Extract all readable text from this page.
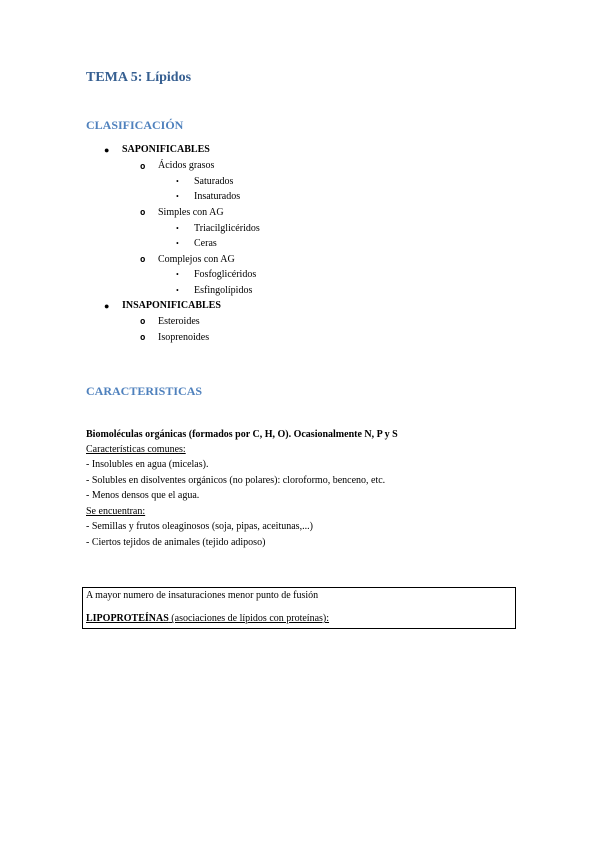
TEMA 5: Lípidos
CLASIFICACIÓN
● SAPONIFICABLES
o Ácidos grasos
• Saturados
• Insaturados
o Simples con AG
• Triacilglicéridos
• Ceras
o Complejos con AG
• Fosfoglicéridos
• Esfingolípidos
● INSAPONIFICABLES
o Esteroides
o Isoprenoides
CARACTERISTICAS
Biomoléculas orgánicas (formados por C, H, O). Ocasionalmente N, P y S
Características comunes:
- Insolubles en agua (micelas).
- Solubles en disolventes orgánicos (no polares): cloroformo, benceno, etc.
- Menos densos que el agua.
Se encuentran:
- Semillas y frutos oleaginosos (soja, pipas, aceitunas,...)
- Ciertos tejidos de animales (tejido adiposo)
A mayor numero de insaturaciones menor punto de fusión
LIPOPROTEÍNAS (asociaciones de lípidos con proteínas):
